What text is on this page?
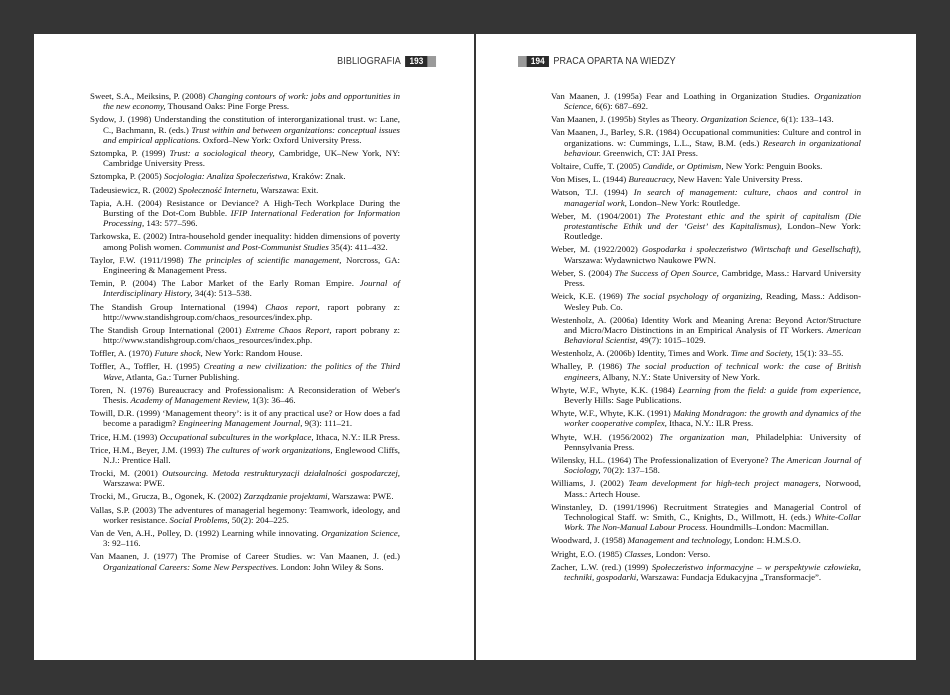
BIBLIOGRAFIA 193

Sweet, S.A., Meiksins, P. (2008) Changing contours of work: jobs and opportunities in the new economy, Thousand Oaks: Pine Forge Press.

Sydow, J. (1998) Understanding the constitution of interorganizational trust. w: Lane, C., Bachmann, R. (eds.) Trust within and between organizations: conceptual issues and empirical applications. Oxford–New York: Oxford University Press.

Sztompka, P. (1999) Trust: a sociological theory, Cambridge, UK–New York, NY: Cambridge University Press.

Sztompka, P. (2005) Socjologia: Analiza Społeczeństwa, Kraków: Znak.

Tadeusiewicz, R. (2002) Społeczność Internetu, Warszawa: Exit.

Tapia, A.H. (2004) Resistance or Deviance? A High-Tech Workplace During the Bursting of the Dot-Com Bubble. IFIP International Federation for Information Processing, 143: 577–596.

Tarkowska, E. (2002) Intra-household gender inequality: hidden dimensions of poverty among Polish women. Communist and Post-Communist Studies 35(4): 411–432.

Taylor, F.W. (1911/1998) The principles of scientific management, Norcross, GA: Engineering & Management Press.

Temin, P. (2004) The Labor Market of the Early Roman Empire. Journal of Interdisciplinary History, 34(4): 513–538.

The Standish Group International (1994) Chaos report, raport pobrany z: http://www.standishgroup.com/chaos_resources/index.php.

The Standish Group International (2001) Extreme Chaos Report, raport pobrany z: http://www.standishgroup.com/chaos_resources/index.php.

Toffler, A. (1970) Future shock, New York: Random House.

Toffler, A., Toffler, H. (1995) Creating a new civilization: the politics of the Third Wave, Atlanta, Ga.: Turner Publishing.

Toren, N. (1976) Bureaucracy and Professionalism: A Reconsideration of Weber's Thesis. Academy of Management Review, 1(3): 36–46.

Towill, D.R. (1999) ‘Management theory’: is it of any practical use? or How does a fad become a paradigm? Engineering Management Journal, 9(3): 111–21.

Trice, H.M. (1993) Occupational subcultures in the workplace, Ithaca, N.Y.: ILR Press.

Trice, H.M., Beyer, J.M. (1993) The cultures of work organizations, Englewood Cliffs, N.J.: Prentice Hall.

Trocki, M. (2001) Outsourcing. Metoda restrukturyzacji działalności gospodarczej, Warszawa: PWE.

Trocki, M., Grucza, B., Ogonek, K. (2002) Zarządzanie projektami, Warszawa: PWE.

Vallas, S.P. (2003) The adventures of managerial hegemony: Teamwork, ideology, and worker resistance. Social Problems, 50(2): 204–225.

Van de Ven, A.H., Polley, D. (1992) Learning while innovating. Organization Science, 3: 92–116.

Van Maanen, J. (1977) The Promise of Career Studies. w: Van Maanen, J. (ed.) Organizational Careers: Some New Perspectives. London: John Wiley & Sons.

194 PRACA OPARTA NA WIEDZY

Van Maanen, J. (1995a) Fear and Loathing in Organization Studies. Organization Science, 6(6): 687–692.

Van Maanen, J. (1995b) Styles as Theory. Organization Science, 6(1): 133–143.

Van Maanen, J., Barley, S.R. (1984) Occupational communities: Culture and control in organizations. w: Cummings, L.L., Staw, B.M. (eds.) Research in organizational behaviour. Greenwich, CT: JAI Press.

Voltaire, Cuffe, T. (2005) Candide, or Optimism, New York: Penguin Books.

Von Mises, L. (1944) Bureaucracy, New Haven: Yale University Press.

Watson, T.J. (1994) In search of management: culture, chaos and control in managerial work, London–New York: Routledge.

Weber, M. (1904/2001) The Protestant ethic and the spirit of capitalism (Die protestantische Ethik und der ‘Geist’ des Kapitalismus), London–New York: Routledge.

Weber, M. (1922/2002) Gospodarka i społeczeństwo (Wirtschaft und Gesellschaft), Warszawa: Wydawnictwo Naukowe PWN.

Weber, S. (2004) The Success of Open Source, Cambridge, Mass.: Harvard University Press.

Weick, K.E. (1969) The social psychology of organizing, Reading, Mass.: Addison-Wesley Pub. Co.

Westenholz, A. (2006a) Identity Work and Meaning Arena: Beyond Actor/Structure and Micro/Macro Distinctions in an Empirical Analysis of IT Workers. American Behavioral Scientist, 49(7): 1015–1029.

Westenholz, A. (2006b) Identity, Times and Work. Time and Society, 15(1): 33–55.

Whalley, P. (1986) The social production of technical work: the case of British engineers, Albany, N.Y.: State University of New York.

Whyte, W.F., Whyte, K.K. (1984) Learning from the field: a guide from experience, Beverly Hills: Sage Publications.

Whyte, W.F., Whyte, K.K. (1991) Making Mondragon: the growth and dynamics of the worker cooperative complex, Ithaca, N.Y.: ILR Press.

Whyte, W.H. (1956/2002) The organization man, Philadelphia: University of Pennsylvania Press.

Wilensky, H.L. (1964) The Professionalization of Everyone? The American Journal of Sociology, 70(2): 137–158.

Williams, J. (2002) Team development for high-tech project managers, Norwood, Mass.: Artech House.

Winstanley, D. (1991/1996) Recruitment Strategies and Managerial Control of Technological Staff. w: Smith, C., Knights, D., Willmott, H. (eds.) White-Collar Work. The Non-Manual Labour Process. Houndmills–London: Macmillan.

Woodward, J. (1958) Management and technology, London: H.M.S.O.

Wright, E.O. (1985) Classes, London: Verso.

Zacher, L.W. (red.) (1999) Społeczeństwo informacyjne – w perspektywie człowieka, techniki, gospodarki, Warszawa: Fundacja Edukacyjna „Transformacje”.
